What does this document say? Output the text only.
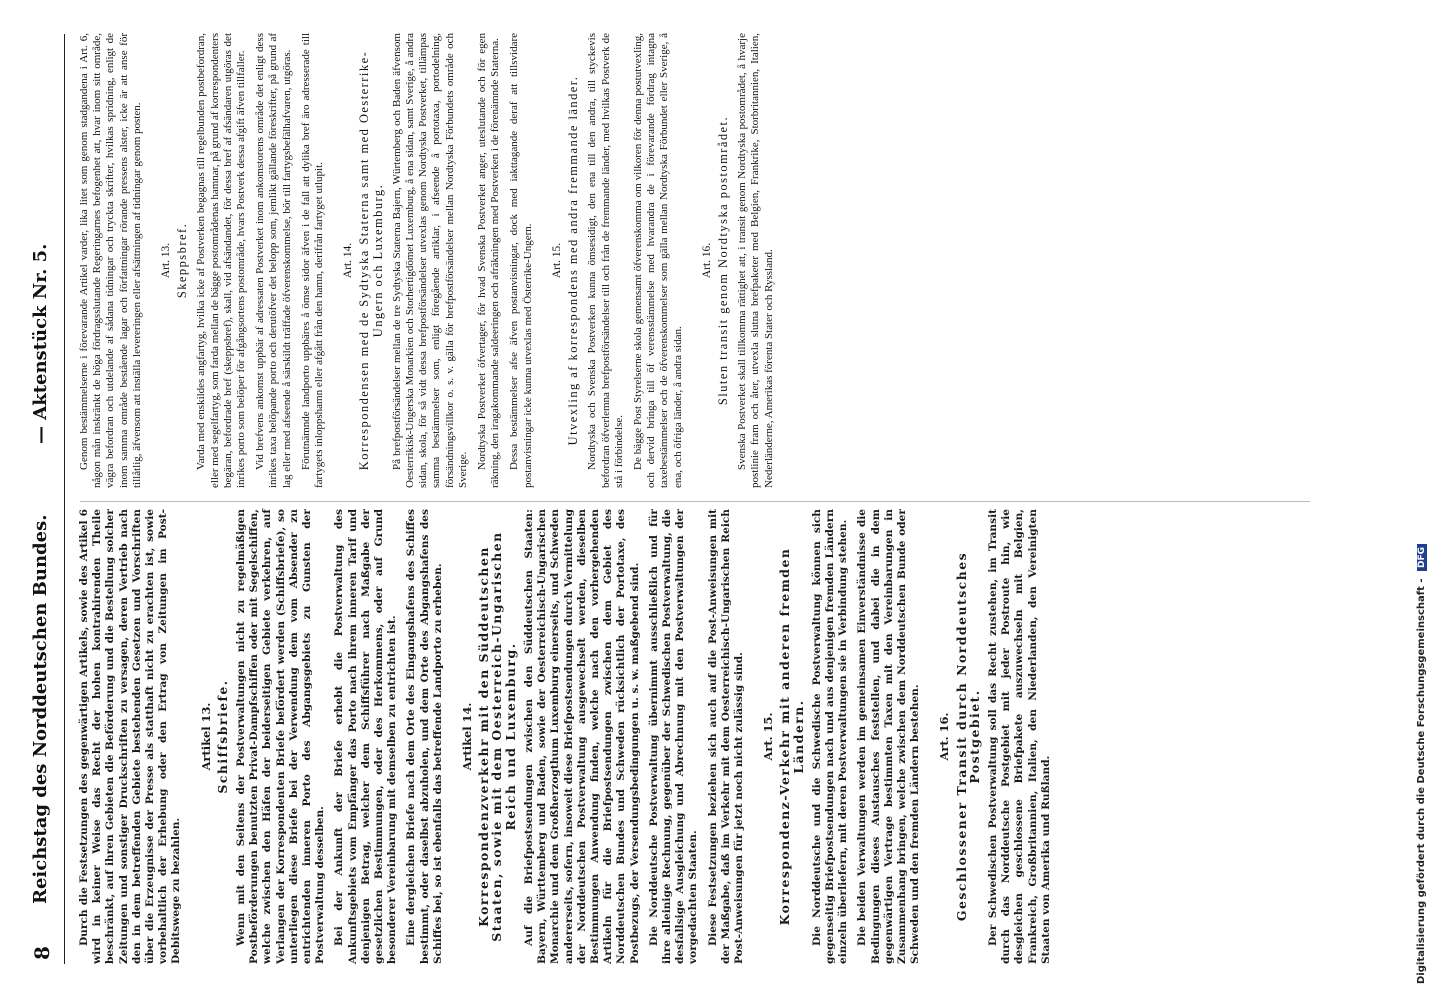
8
Reichstag des Norddeutschen Bundes.
— Aktenstück Nr. 5.
Durch die Festsetzungen des gegenwärtigen Artikels, sowie des Artikel 6 wird in keiner Weise das Recht der hohen kontrahirenden Theile beschränkt, auf ihren Gebieten die Beförderung und die Bestellung solcher Zeitungen und sonstiger Druckschriften zu versagen, deren Vertrieb nach den in dem betreffenden Gebiete bestehenden Gesetzen und Vorschriften über die Erzeugnisse der Presse als statthaft nicht zu erachten ist, sowie vorbehaltlich der Erhebung oder den Ertrag von Zeitungen im Post-Debitswege zu bezahlen.
Artikel 13. Schiffsbriefe. Wenn mit den Seitens der Postverwaltungen nicht zu regelmäßigen Postbeförderungen benutzten Privat-Dampfschiffen oder mit Segelschiffen, welche zwischen den Häfen der beiderseitigen Gebiete verkehren, auf Verlangen der Korrespondenten Briefe befördert werden (Schiffsbriefe), so unterliegen diese Briefe bei der Verwendung dem vom Absender zu entrichtenden inneren Porto des Abgangsgebiets zu Gunsten der Postverwaltung desselben. Bei der Ankunft der Briefe erhebt die Postverwaltung des Ankunftsgebiets vom Empfänger das Porto nach ihrem inneren Tarif und denjenigen Betrag, welcher dem Schiffsführer nach Maßgabe der gesetzlichen Bestimmungen, oder des Herkommens, oder auf Grund besonderer Vereinbarung mit demselben zu entrichten ist. Eine dergleichen Briefe nach dem Orte des Eingangshafens des Schiffes bestimmt, oder daselbst abzuholen, und dem Orte des Abgangshafens des Schiffes bei, so ist ebenfalls das betreffende Landporto zu erheben. Artikel 14. Korrespondenzverkehr mit den Süddeutschen Staaten, sowie mit dem Oesterreich-Ungarischen Reich und Luxemburg. Auf die Briefpostsendungen zwischen den Süddeutschen Staaten: Bayern, Württemberg und Baden, sowie der Oesterreichisch-Ungarischen Monarchie und dem Großherzogthum Luxemburg einerseits, und Schweden andererseits, sofern, insoweit diese Briefpostsendungen durch Vermittelung der Norddeutschen Postverwaltung ausgewechselt werden, dieselben Bestimmungen Anwendung finden, welche nach den vorhergehenden Artikeln für die Briefpostsendungen zwischen dem Gebiet des Norddeutschen Bundes und Schweden rücksichtlich der Portotaxe, des Postbezugs, der Versendungsbedingungen u. s. w. maßgebend sind. Die Norddeutsche Postverwaltung übernimmt ausschließlich und für ihre alleinige Rechnung, gegenüber der Schwedischen Postverwaltung, die desfallsige Ausgleichung und Abrechnung mit den Postverwaltungen der vorgedachten Staaten. Diese Festsetzungen beziehen sich auch auf die Post-Anweisungen mit der Maßgabe, daß im Verkehr mit dem Oesterreichisch-Ungarischen Reich Post-Anweisungen für jetzt noch nicht zulässig sind. Art. 15. Korrespondenz-Verkehr mit anderen fremden Ländern. Die Norddeutsche und die Schwedische Postverwaltung können sich gegenseitig Briefpostsendungen nach und aus denjenigen fremden Ländern einzeln überliefern, mit deren Postverwaltungen sie in Verbindung stehen. Die beiden Verwaltungen werden im gemeinsamen Einverständnisse die Bedingungen dieses Austausches feststellen, und dabei die in dem gegenwärtigen Vertrage bestimmten Taxen mit den Vereinbarungen in Zusammenhang bringen, welche zwischen dem Norddeutschen Bunde oder Schweden und den fremden Ländern bestehen. Art. 16. Geschlossener Transit durch Norddeutsches Postgebiet. Der Schwedischen Postverwaltung soll das Recht zustehen, im Transit durch das Norddeutsche Postgebiet mit jeder Postroute hin, wie desgleichen geschlossene Briefpakete auszuwechseln mit Belgien, Frankreich, Großbritannien, Italien, den Niederlanden, den Vereinigten Staaten von Amerika und Rußland.
Genom bestämmelserne i förevarande Artikel varder, lika litet som genom stadgandena i Art. 6, någon mån inskränkt de höga fördragsslutande Regeringarnes befogenhet att, hvar inom sitt område, vägra befordran och utdelande af sådana tidningar och tryckta skrifter, hvilkas spridning, enligt de inom samma område bestående lagar och författningar rörande pressens alster, icke är att anse för tillåtlig, äfvensom att inställa levereringen eller afsättningen af tidningar genom posten. Art. 13. Skeppsbref. Varda med enskildes angfartyg, hvilka icke af Postverken begagnas till regelbunden postbefordran, eller med segelfartyg, som farda mellan de bägge postområdenas hamnar, på grund af korrespondenters begäran, befordrade bref (skeppsbref), skall, vid afsändandet, för dessa bref af afsändaren utgöras det inrikes porto som belöper för afgångsortens postområde, hvars Postverk dessa afgift äfven tillfaller. Vid brefvens ankomst uppbär af adressaten Postverket inom ankomstorens område det enligt dess inrikes taxa belöpande porto och derutöfver det belopp som, jemlikt gällande föreskrifter, på grund af lag eller med afseende å särskildt träffade öfverenskommelse, bör till fartygsbefälhafvaren, utgöras. Förutnämnde landporto uppbäres å ömse sidor äfven i de fall att dylika bref äro adresserade till fartygets inloppshamn eller afgått från den hamn, derifrån fartyget utlupit. Art. 14. Korrespondensen med de Sydtyska Staterna samt med Oesterrike-Ungern och Luxemburg. På brefpostförsändelser mellan de tre Sydtyska Staterna Bajern, Würtemberg och Baden äfvensom Oesterrikisk-Ungerska Monarkien och Storhertigdömet Luxemburg, å ena sidan, samt Sverige, å andra sidan, skola, för så vidt dessa brefpostförsändelser utvexlas genom Nordtyska Postverket, tillämpas samma bestämmelser som, enligt föregående artiklar, i afseende å portotaxa, portodelning, försändningsvillkor o. s. v. gälla för brefpostförsändelser mellan Nordtyska Förbundets område och Sverige. Nordtyska Postverket öfvertager, för hvad Svenska Postverket anger, uteslutande och för egen räkning, den iragakommande saldeeringen och afräkningen med Postverken i de förenämnde Staterna. Dessa bestämmelser afse äfven postanvisningar, dock med iakttagande deraf att tillsvidare postanvisningar icke kunna utvexlas med Österrike-Ungern. Art. 15. Utvexling af korrespondens med andra fremmande länder. Nordtyska och Svenska Postverken kunna ömsesidigt, den ena till den andra, till styckevis befordran öfverlemna brefpostförsändelser till och från de fremmande länder, med hvilkas Postverk de stå i förbindelse. De bägge Post Styrelserne skola gemensamt öfverenskomma om vilkoren för denna postutvexling, och dervid bringa till öf verensstämmelse med hvarandra de i förevarande fördrag intagna taxebestämmelser och de öfverenskommelser som gälla mellan Nordtyska Förbundet eller Sverige, å ena, och öfriga länder, å andra sidan.
Art. 16. Sluten transit genom Nordtyska postområdet. Svenska Postverket skall tillkomma rättighet att, i transit genom Nordtyska postområdet, å hvarje postlinie fram och åter, utvexla slutna brefpaketer med Belgien, Frankrike, Storbritannien, Italien, Nederländerne, Amerikas förenta Stater och Ryssland.
Digitalisierung gefördert durch die Deutsche Forschungsgemeinschaft - DFG
